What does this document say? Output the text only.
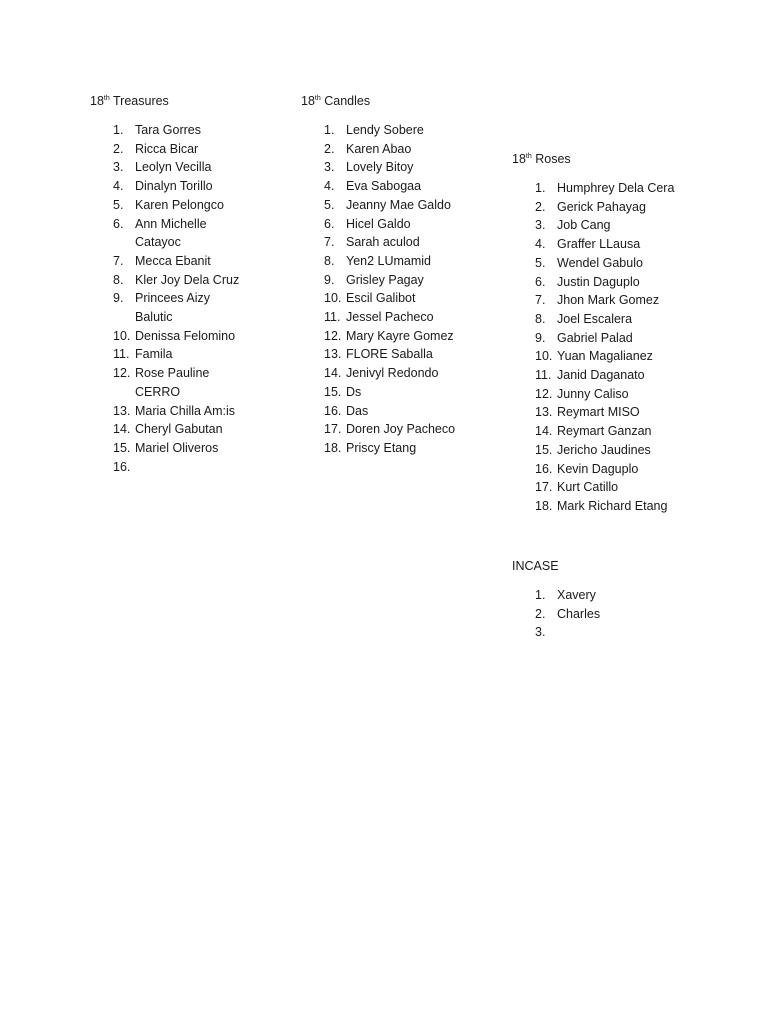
18th Treasures
1. Tara Gorres
2. Ricca Bicar
3. Leolyn Vecilla
4. Dinalyn Torillo
5. Karen Pelongco
6. Ann Michelle Catayoc
7. Mecca Ebanit
8. Kler Joy Dela Cruz
9. Princees Aizy Balutic
10. Denissa Felomino
11. Famila
12. Rose Pauline CERRO
13. Maria Chilla Am:is
14. Cheryl Gabutan
15. Mariel Oliveros
16.
18th Candles
1. Lendy Sobere
2. Karen Abao
3. Lovely Bitoy
4. Eva Sabogaa
5. Jeanny Mae Galdo
6. Hicel Galdo
7. Sarah aculod
8. Yen2 LUmamid
9. Grisley Pagay
10. Escil Galibot
11. Jessel Pacheco
12. Mary Kayre Gomez
13. FLORE Saballa
14. Jenivyl Redondo
15. Ds
16. Das
17. Doren Joy Pacheco
18. Priscy Etang
18th Roses
1. Humphrey Dela Cera
2. Gerick Pahayag
3. Job Cang
4. Graffer LLausa
5. Wendel Gabulo
6. Justin Daguplo
7. Jhon Mark Gomez
8. Joel Escalera
9. Gabriel Palad
10. Yuan Magalianez
11. Janid Daganato
12. Junny Caliso
13. Reymart MISO
14. Reymart Ganzan
15. Jericho Jaudines
16. Kevin Daguplo
17. Kurt Catillo
18. Mark Richard Etang
INCASE
1. Xavery
2. Charles
3.
